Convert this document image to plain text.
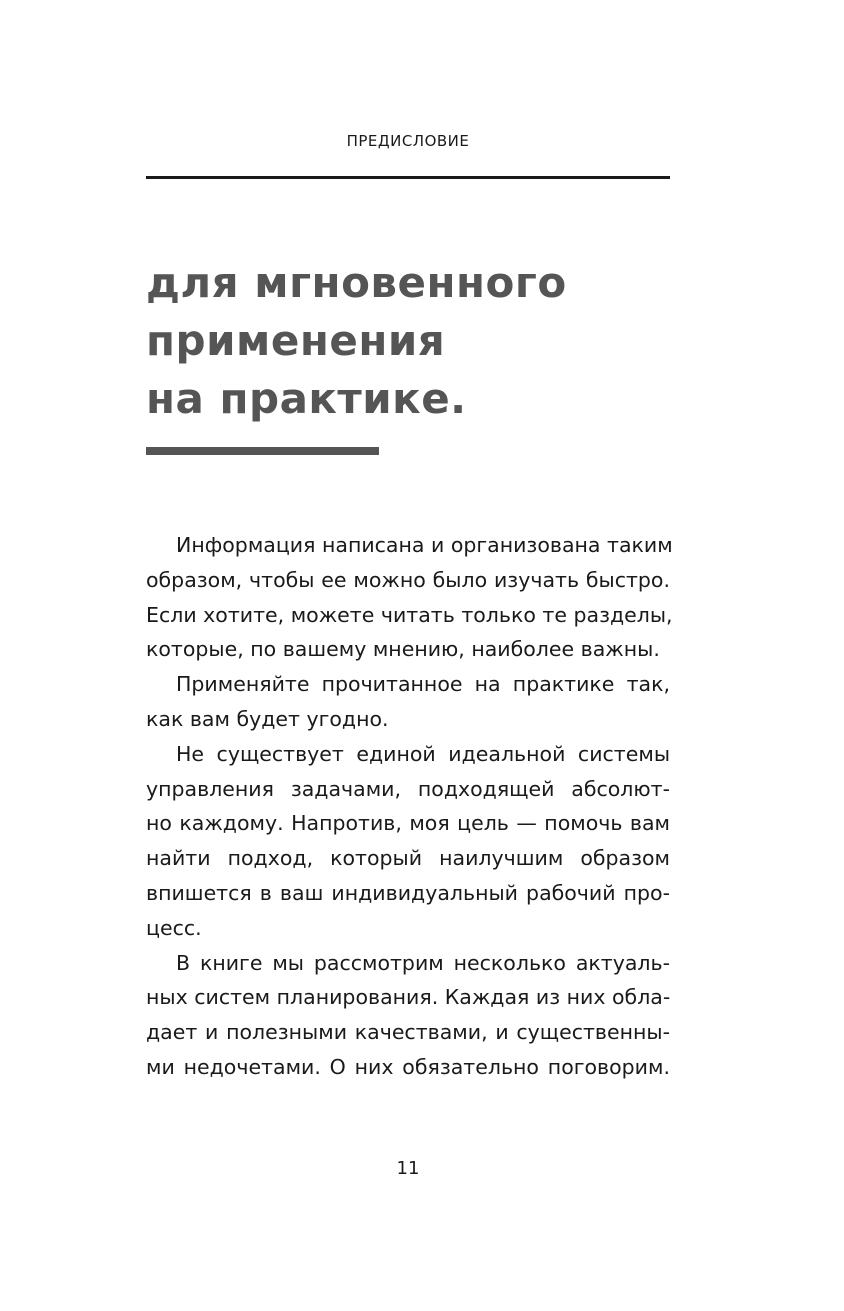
ПРЕДИСЛОВИЕ
для мгновенного
применения
на практике.
Информация написана и организована таким
образом, чтобы ее можно было изучать быстро.
Если хотите, можете читать только те разделы,
которые, по вашему мнению, наиболее важны.
Применяйте прочитанное на практике так,
как вам будет угодно.
Не существует единой идеальной системы
управления задачами, подходящей абсолют-
но каждому. Напротив, моя цель — помочь вам
найти подход, который наилучшим образом
впишется в ваш индивидуальный рабочий про-
цесс.
В книге мы рассмотрим несколько актуаль-
ных систем планирования. Каждая из них обла-
дает и полезными качествами, и существенны-
ми недочетами. О них обязательно поговорим.
11
